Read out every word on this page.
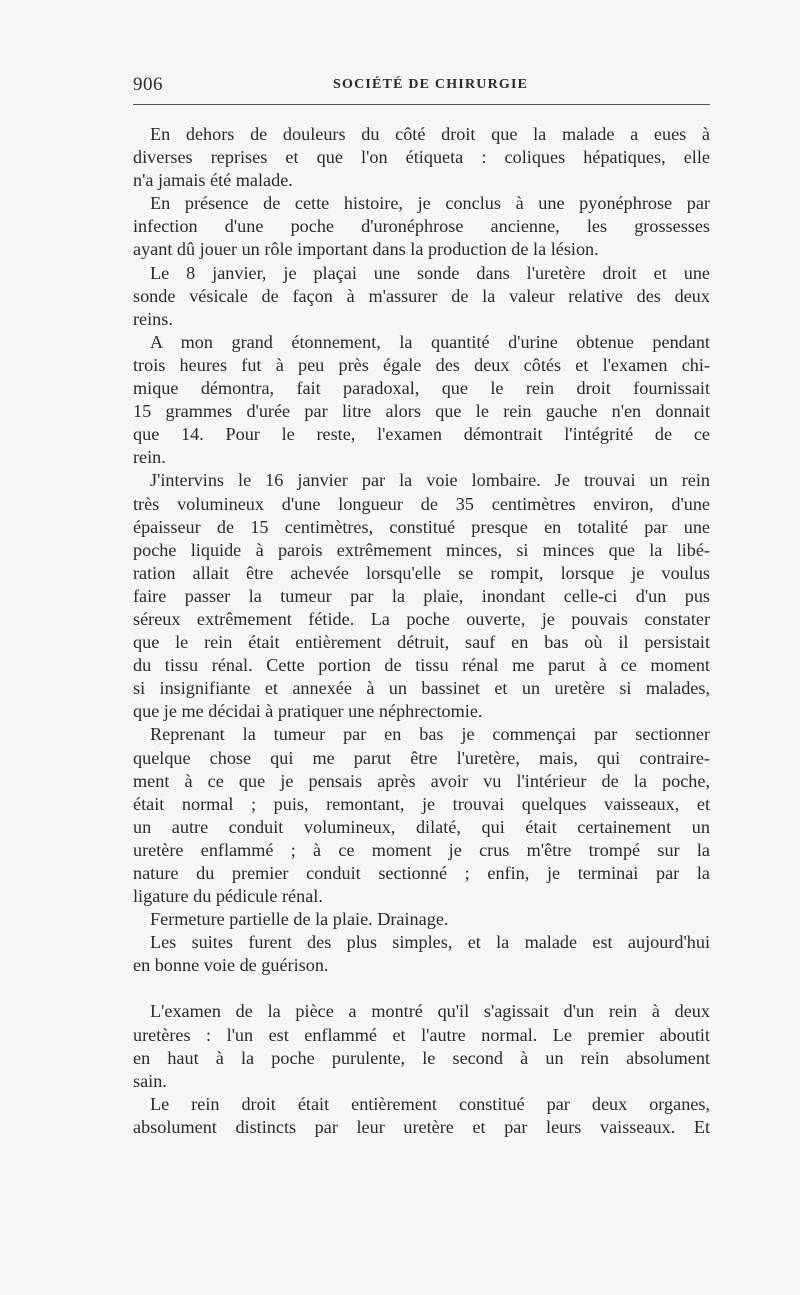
906	SOCIÉTÉ DE CHIRURGIE
En dehors de douleurs du côté droit que la malade a eues à
diverses reprises et que l'on étiqueta : coliques hépatiques, elle
n'a jamais été malade.
En présence de cette histoire, je conclus à une pyonéphrose par
infection d'une poche d'uronéphrose ancienne, les grossesses
ayant dû jouer un rôle important dans la production de la lésion.
Le 8 janvier, je plaçai une sonde dans l'uretère droit et une
sonde vésicale de façon à m'assurer de la valeur relative des deux
reins.
A mon grand étonnement, la quantité d'urine obtenue pendant
trois heures fut à peu près égale des deux côtés et l'examen chi-
mique démontra, fait paradoxal, que le rein droit fournissait
15 grammes d'urée par litre alors que le rein gauche n'en donnait
que 14. Pour le reste, l'examen démontrait l'intégrité de ce
rein.
J'intervins le 16 janvier par la voie lombaire. Je trouvai un rein
très volumineux d'une longueur de 35 centimètres environ, d'une
épaisseur de 15 centimètres, constitué presque en totalité par une
poche liquide à parois extrêmement minces, si minces que la libé-
ration allait être achevée lorsqu'elle se rompit, lorsque je voulus
faire passer la tumeur par la plaie, inondant celle-ci d'un pus
séreux extrêmement fétide. La poche ouverte, je pouvais constater
que le rein était entièrement détruit, sauf en bas où il persistait
du tissu rénal. Cette portion de tissu rénal me parut à ce moment
si insignifiante et annexée à un bassinet et un uretère si malades,
que je me décidai à pratiquer une néphrectomie.
Reprenant la tumeur par en bas je commençai par sectionner
quelque chose qui me parut être l'uretère, mais, qui contraire-
ment à ce que je pensais après avoir vu l'intérieur de la poche,
était normal ; puis, remontant, je trouvai quelques vaisseaux, et
un autre conduit volumineux, dilaté, qui était certainement un
uretère enflammé ; à ce moment je crus m'être trompé sur la
nature du premier conduit sectionné ; enfin, je terminai par la
ligature du pédicule rénal.
Fermeture partielle de la plaie. Drainage.
Les suites furent des plus simples, et la malade est aujourd'hui
en bonne voie de guérison.
L'examen de la pièce a montré qu'il s'agissait d'un rein à deux
uretères : l'un est enflammé et l'autre normal. Le premier aboutit
en haut à la poche purulente, le second à un rein absolument
sain.
Le rein droit était entièrement constitué par deux organes,
absolument distincts par leur uretère et par leurs vaisseaux. Et
